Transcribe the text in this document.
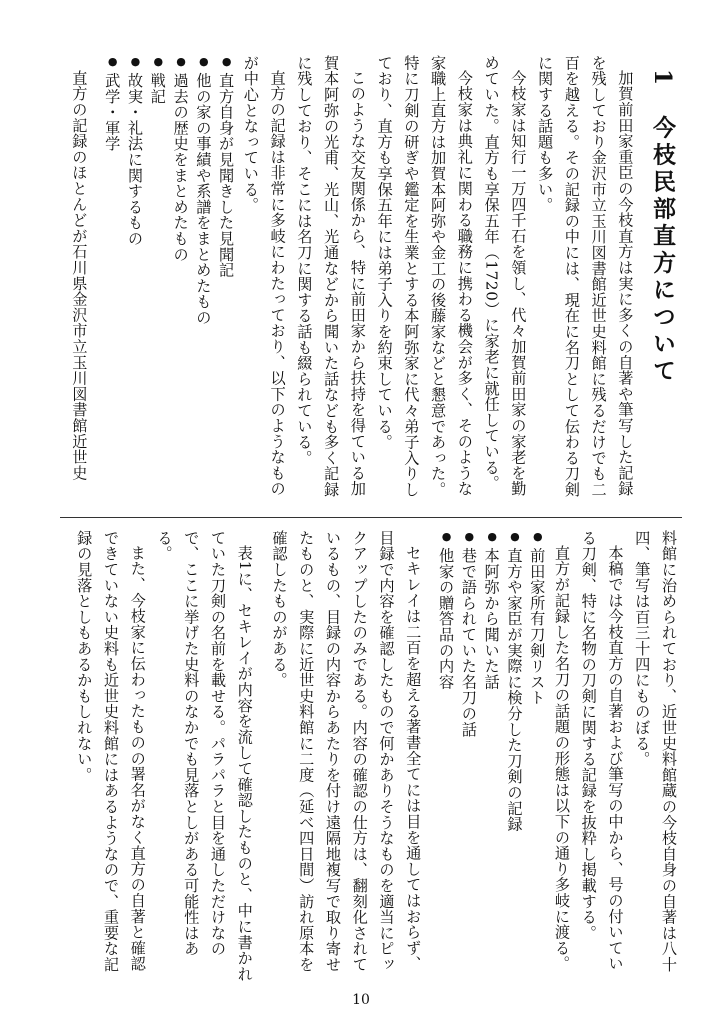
1今枝民部直方について

加賀前田家重臣の今枝直方は実に多くの自著や筆写した記録を残しており金沢市立玉川図書館近世史料館に残るだけでも二百を越える。その記録の中には、現在に名刀として伝わる刀剣に関する話題も多い。

今枝家は知行一万四千石を領し、代々加賀前田家の家老を勤めていた。直方も享保五年（1720）に家老に就任している。

今枝家は典礼に関わる職務に携わる機会が多く、そのような家職上直方は加賀本阿弥や金工の後藤家などと懇意であった。特に刀剣の研ぎや鑑定を生業とする本阿弥家に代々弟子入りしており、直方も享保五年には弟子入りを約束している。

このような交友関係から、特に前田家から扶持を得ている加賀本阿弥の光甫、光山、光通などから聞いた話なども多く記録に残しており、そこには名刀に関する話も綴られている。

直方の記録は非常に多岐にわたっており、以下のようなものが中心となっている。

● 直方自身が見聞きした見聞記
● 他の家の事績や系譜をまとめたもの
● 過去の歴史をまとめたもの
● 戦記
● 故実・礼法に関するもの
● 武学・軍学

直方の記録のほとんどが石川県金沢市立玉川図書館近世史

料館に治められており、近世史料館蔵の今枝自身の自著は八十四、筆写は百三十四にものぼる。

本稿では今枝直方の自著および筆写の中から、号の付いている刀剣、特に名物の刀剣に関する記録を抜粋し掲載する。

直方が記録した名刀の話題の形態は以下の通り多岐に渡る。

● 前田家所有刀剣リスト
● 直方や家臣が実際に検分した刀剣の記録
● 本阿弥から聞いた話
● 巷で語られていた名刀の話
● 他家の贈答品の内容

セキレイは二百を超える著書全てには目を通してはおらず、目録で内容を確認したもので何かありそうなものを適当にピックアップしたのみである。内容の確認の仕方は、翻刻化されているもの、目録の内容からあたりを付け遠隔地複写で取り寄せたものと、実際に近世史料館に二度（延べ四日間）訪れ原本を確認したものがある。

表1に、セキレイが内容を流して確認したものと、中に書かれていた刀剣の名前を載せる。パラパラと目を通しただけなので、ここに挙げた史料のなかでも見落としがある可能性はある。

また、今枝家に伝わったものの署名がなく直方の自著と確認できていない史料も近世史料館にはあるようなので、重要な記録の見落としもあるかもしれない。

10
